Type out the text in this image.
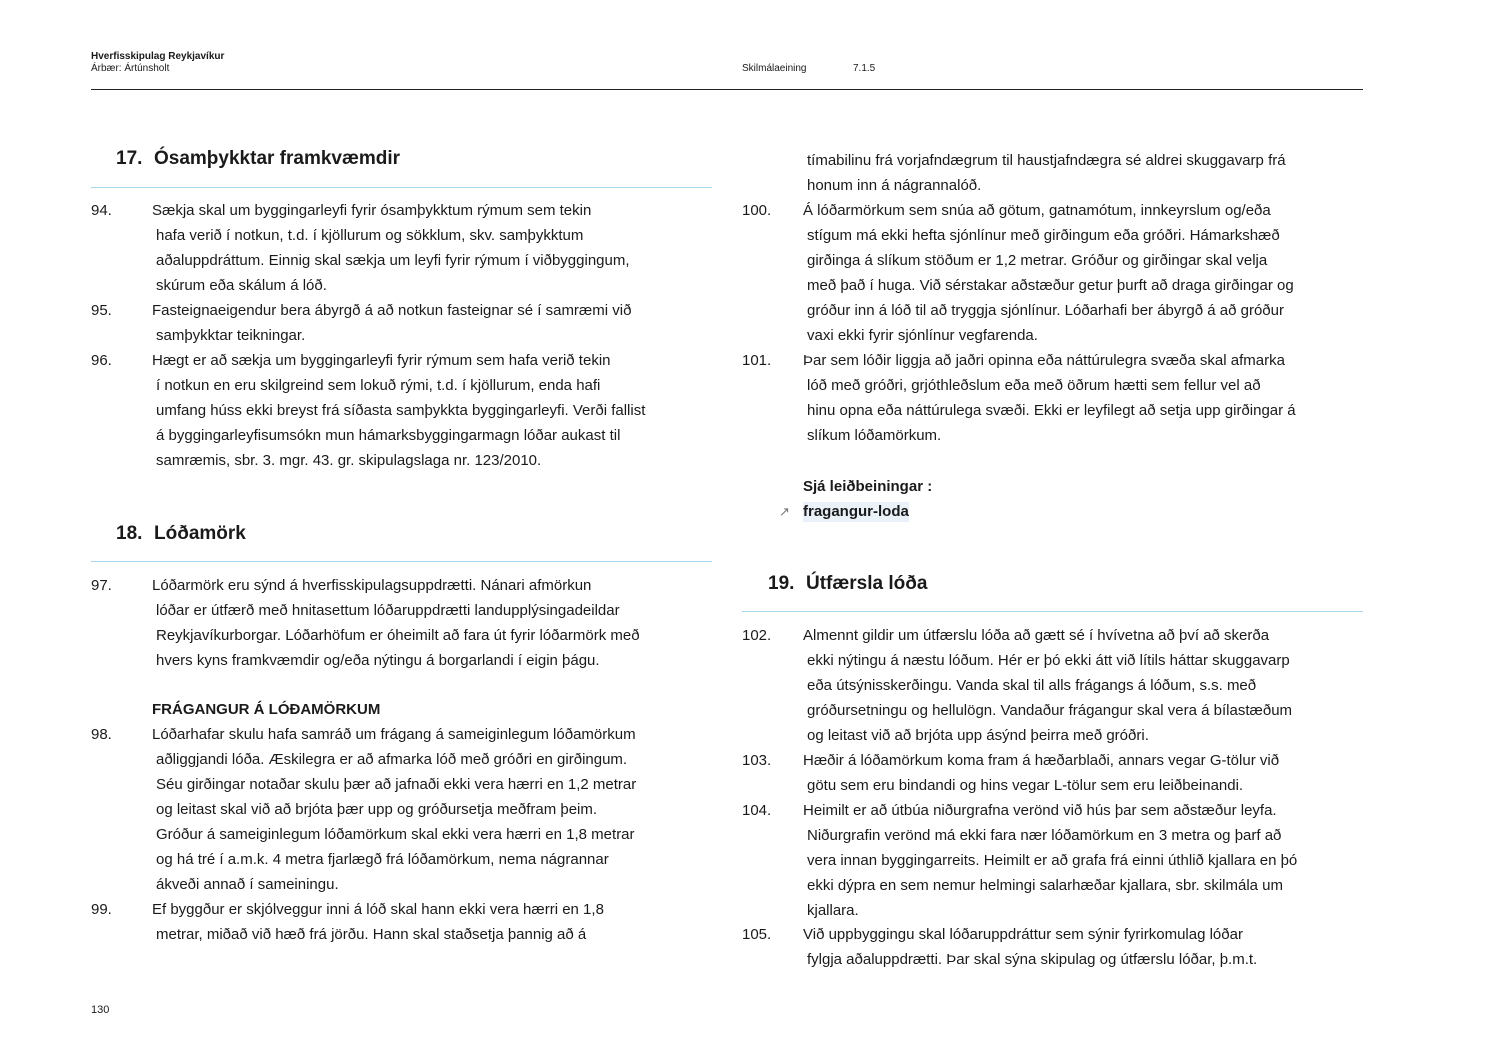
Hverfisskipulag Reykjavíkur
Árbær: Ártúnsholt	Skilmálaeining	7.1.5
17. Ósamþykktar framkvæmdir
94.	Sækja skal um byggingarleyfi fyrir ósamþykktum rýmum sem tekin
hafa verið í notkun, t.d. í kjöllurum og sökklum, skv. samþykktum
aðaluppdráttum. Einnig skal sækja um leyfi fyrir rýmum í viðbyggingum,
skúrum eða skálum á lóð.
95.	Fasteignaeigendur bera ábyrgð á að notkun fasteignar sé í samræmi við
samþykktar teikningar.
96.	Hægt er að sækja um byggingarleyfi fyrir rýmum sem hafa verið tekin
í notkun en eru skilgreind sem lokuð rými, t.d. í kjöllurum, enda hafi
umfang húss ekki breyst frá síðasta samþykkta byggingarleyfi. Verði fallist
á byggingarleyfisumsókn mun hámarksbyggingarmagn lóðar aukast til
samræmis, sbr. 3. mgr. 43. gr. skipulagslaga nr. 123/2010.
18. Lóðamörk
97.	Lóðarmörk eru sýnd á hverfisskipulagsuppdrætti. Nánari afmörkun
lóðar er útfærð með hnitasettum lóðaruppdrætti landupplýsingadeildar
Reykjavíkurborgar. Lóðarhöfum er óheimilt að fara út fyrir lóðarmörk með
hvers kyns framkvæmdir og/eða nýtingu á borgarlandi í eigin þágu.
FRÁGANGUR Á LÓÐAMÖRKUM
98.	Lóðarhafar skulu hafa samráð um frágang á sameiginlegum lóðamörkum
aðliggjandi lóða. Æskilegra er að afmarka lóð með gróðri en girðingum.
Séu girðingar notaðar skulu þær að jafnaði ekki vera hærri en 1,2 metrar
og leitast skal við að brjóta þær upp og gróðursetja meðfram þeim.
Gróður á sameiginlegum lóðamörkum skal ekki vera hærri en 1,8 metrar
og há tré í a.m.k. 4 metra fjarlægð frá lóðamörkum, nema nágrannar
ákveði annað í sameiningu.
99.	Ef byggður er skjólveggur inni á lóð skal hann ekki vera hærri en 1,8
metrar, miðað við hæð frá jörðu. Hann skal staðsetja þannig að á
tímabilinu frá vorjafndægrum til haustjafndægra sé aldrei skuggavarp frá
honum inn á nágrannalóð.
100. Á lóðarmörkum sem snúa að götum, gatnamótum, innkeyrslum og/eða
stígum má ekki hefta sjónlínur með girðingum eða gróðri. Hámarkshæð
girðinga á slíkum stöðum er 1,2 metrar. Gróður og girðingar skal velja
með það í huga. Við sérstakar aðstæður getur þurft að draga girðingar og
gróður inn á lóð til að tryggja sjónlínur. Lóðarhafi ber ábyrgð á að gróður
vaxi ekki fyrir sjónlínur vegfarenda.
101. Þar sem lóðir liggja að jaðri opinna eða náttúrulegra svæða skal afmarka
lóð með gróðri, grjóthleðslum eða með öðrum hætti sem fellur vel að
hinu opna eða náttúrulega svæði. Ekki er leyfilegt að setja upp girðingar á
slíkum lóðamörkum.
Sjá leiðbeiningar :
↗ fragangur-loda
19. Útfærsla lóða
102. Almennt gildir um útfærslu lóða að gætt sé í hvívetna að því að skerða
ekki nýtingu á næstu lóðum. Hér er þó ekki átt við lítils háttar skuggavarp
eða útsýnisskerðingu. Vanda skal til alls frágangs á lóðum, s.s. með
gróðursetningu og hellulögn. Vandaður frágangur skal vera á bílastæðum
og leitast við að brjóta upp ásýnd þeirra með gróðri.
103. Hæðir á lóðamörkum koma fram á hæðarblaði, annars vegar G-tölur við
götu sem eru bindandi og hins vegar L-tölur sem eru leiðbeinandi.
104. Heimilt er að útbúa niðurgrafna verönd við hús þar sem aðstæður leyfa.
Niðurgrafin verönd má ekki fara nær lóðamörkum en 3 metra og þarf að
vera innan byggingarreits. Heimilt er að grafa frá einni úthlið kjallara en þó
ekki dýpra en sem nemur helmingi salarhæðar kjallara, sbr. skilmála um
kjallara.
105. Við uppbyggingu skal lóðaruppdráttur sem sýnir fyrirkomulag lóðar
fylgja aðaluppdrætti. Þar skal sýna skipulag og útfærslu lóðar, þ.m.t.
130
